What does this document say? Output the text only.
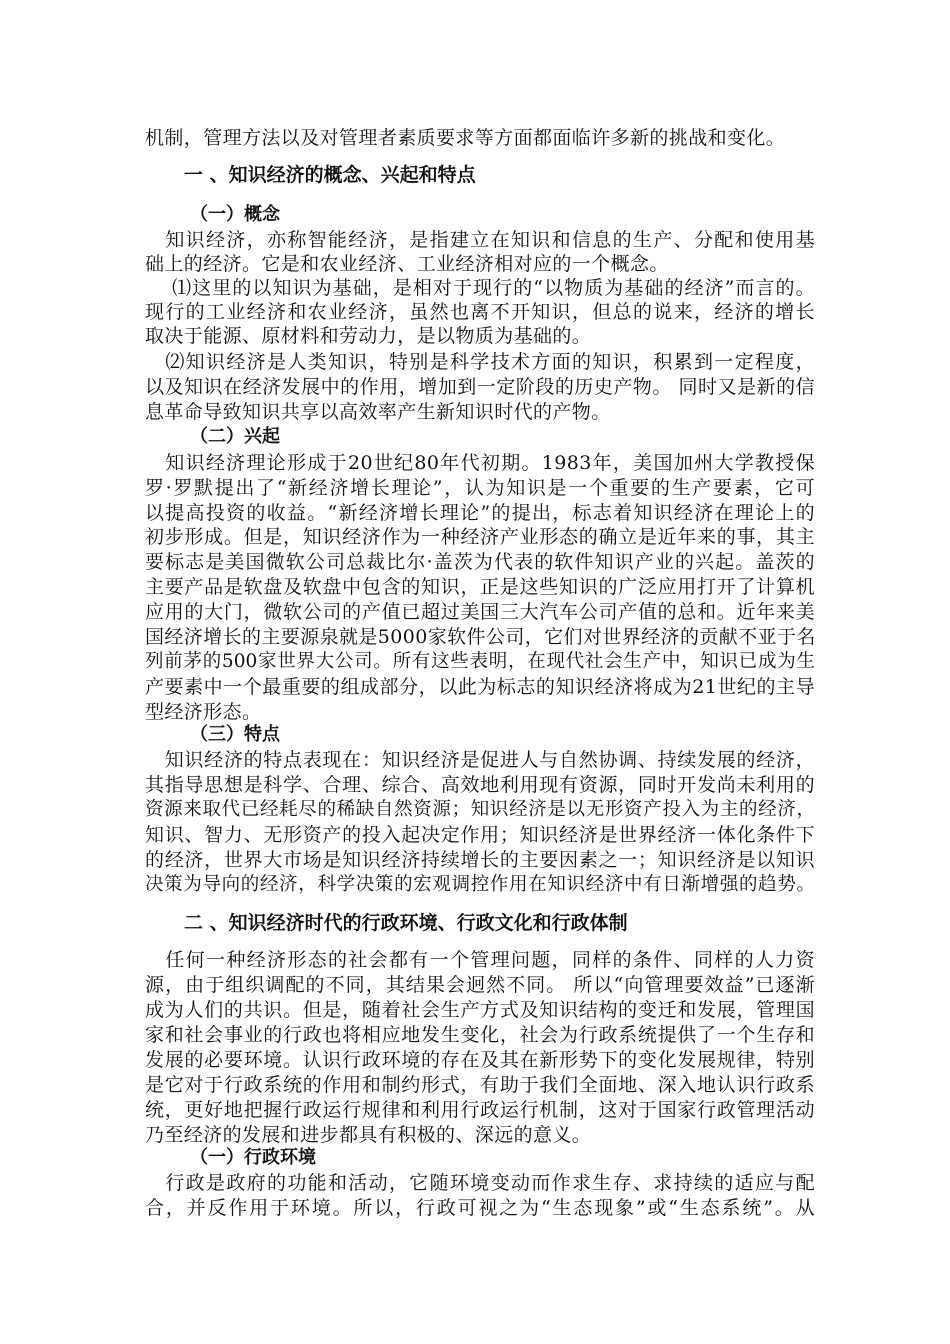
机制，管理方法以及对管理者素质要求等方面都面临许多新的挑战和变化。
一 、知识经济的概念、兴起和特点
（一）概念
　知识经济，亦称智能经济，是指建立在知识和信息的生产、分配和使用基
础上的经济。它是和农业经济、工业经济相对应的一个概念。
　 ⑴这里的以知识为基础，是相对于现行的“以物质为基础的经济”而言的。
现行的工业经济和农业经济，虽然也离不开知识，但总的说来，经济的增长
取决于能源、原材料和劳动力，是以物质为基础的。
　⑵知识经济是人类知识，特别是科学技术方面的知识，积累到一定程度，
以及知识在经济发展中的作用，增加到一定阶段的历史产物。 同时又是新的信
息革命导致知识共享以高效率产生新知识时代的产物。
（二）兴起
　知识经济理论形成于20世纪80年代初期。1983年，美国加州大学教授保
罗·罗默提出了“新经济增长理论”，认为知识是一个重要的生产要素，它可
以提高投资的收益。“新经济增长理论”的提出，标志着知识经济在理论上的
初步形成。但是，知识经济作为一种经济产业形态的确立是近年来的事，其主
要标志是美国微软公司总裁比尔·盖茨为代表的软件知识产业的兴起。盖茨的
主要产品是软盘及软盘中包含的知识，正是这些知识的广泛应用打开了计算机
应用的大门，微软公司的产值已超过美国三大汽车公司产值的总和。近年来美
国经济增长的主要源泉就是5000家软件公司，它们对世界经济的贡献不亚于名
列前茅的500家世界大公司。所有这些表明，在现代社会生产中，知识已成为生
产要素中一个最重要的组成部分，以此为标志的知识经济将成为21世纪的主导
型经济形态。
（三）特点
　知识经济的特点表现在：知识经济是促进人与自然协调、持续发展的经济，
其指导思想是科学、合理、综合、高效地利用现有资源，同时开发尚未利用的
资源来取代已经耗尽的稀缺自然资源；知识经济是以无形资产投入为主的经济，
知识、智力、无形资产的投入起决定作用；知识经济是世界经济一体化条件下
的经济，世界大市场是知识经济持续增长的主要因素之一；知识经济是以知识
决策为导向的经济，科学决策的宏观调控作用在知识经济中有日渐增强的趋势。
二 、知识经济时代的行政环境、行政文化和行政体制
　任何一种经济形态的社会都有一个管理问题，同样的条件、同样的人力资
源，由于组织调配的不同，其结果会迥然不同。 所以“向管理要效益”已逐渐
成为人们的共识。但是，随着社会生产方式及知识结构的变迁和发展，管理国
家和社会事业的行政也将相应地发生变化，社会为行政系统提供了一个生存和
发展的必要环境。认识行政环境的存在及其在新形势下的变化发展规律，特别
是它对于行政系统的作用和制约形式，有助于我们全面地、深入地认识行政系
统，更好地把握行政运行规律和利用行政运行机制，这对于国家行政管理活动
乃至经济的发展和进步都具有积极的、深远的意义。
（一）行政环境
　行政是政府的功能和活动，它随环境变动而作求生存、求持续的适应与配
合，并反作用于环境。所以，行政可视之为“生态现象”或“生态系统”。从
